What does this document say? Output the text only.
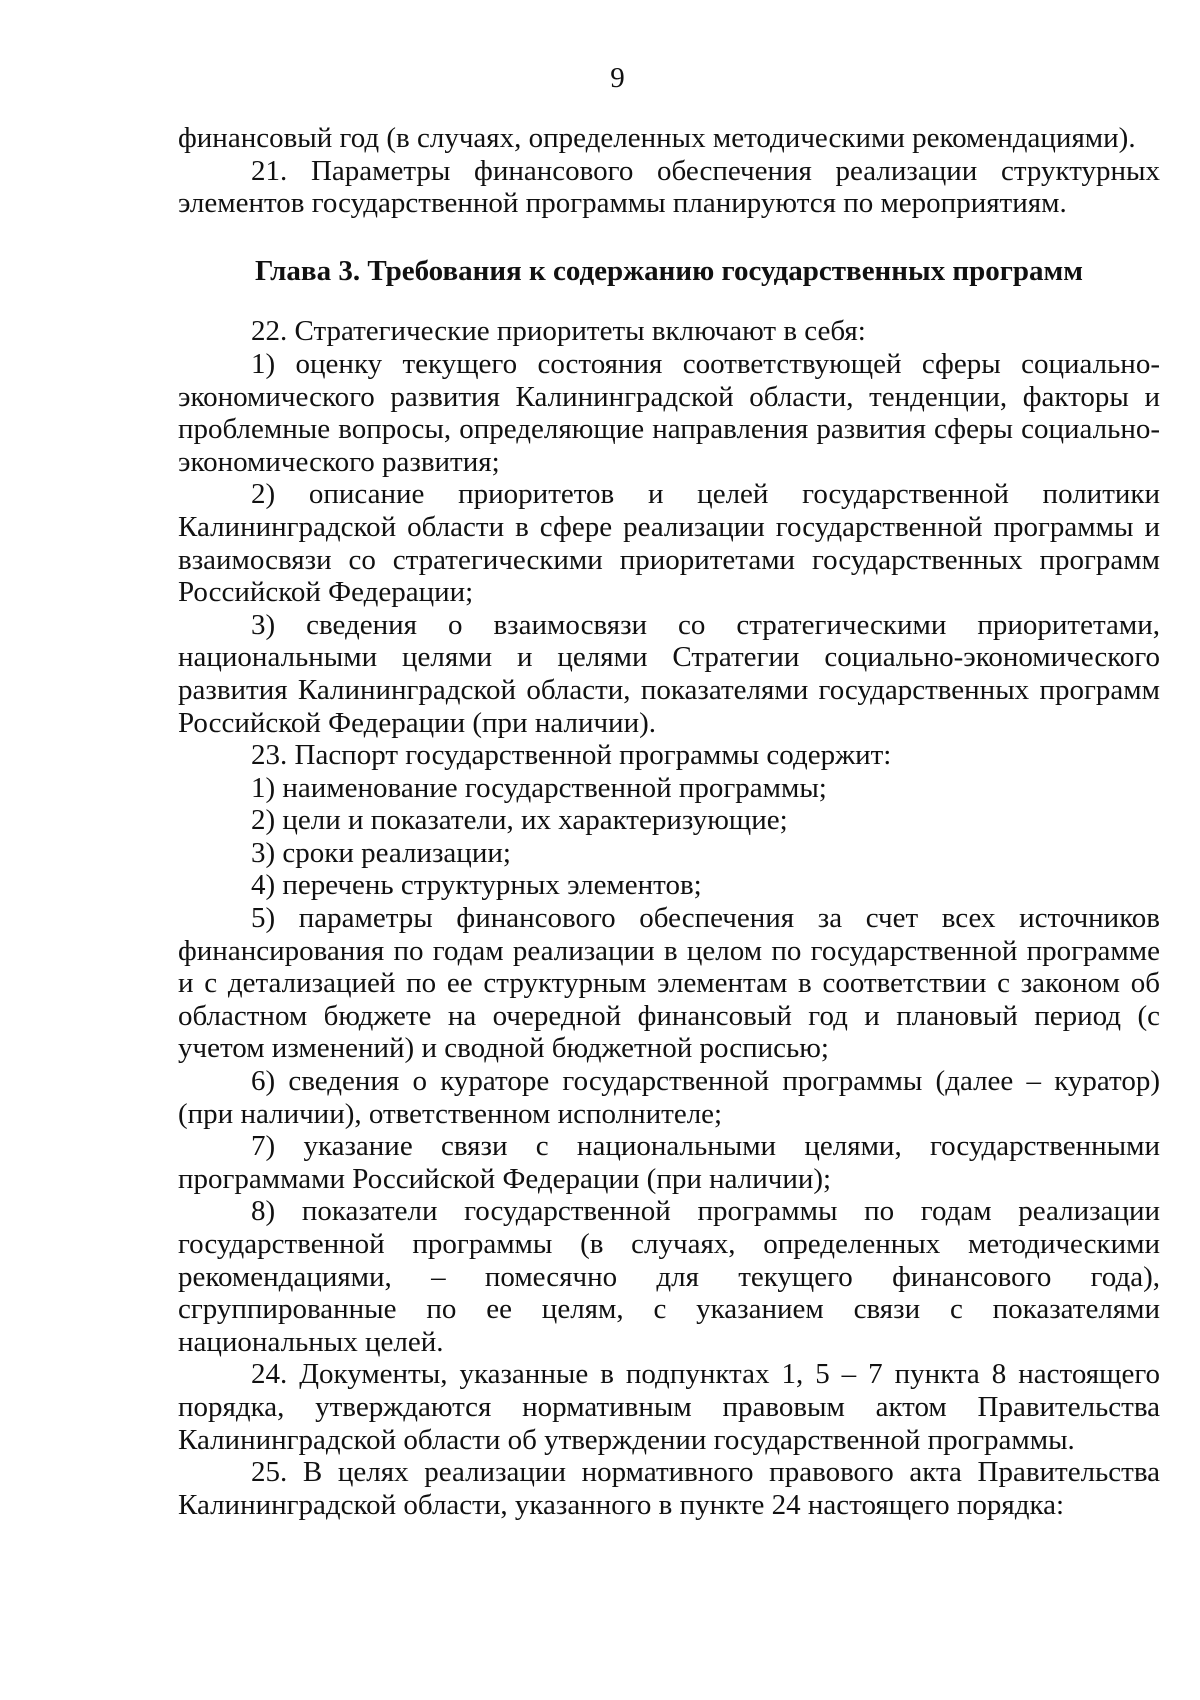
9

финансовый год (в случаях, определенных методическими рекомендациями).

21. Параметры финансового обеспечения реализации структурных элементов государственной программы планируются по мероприятиям.

Глава 3. Требования к содержанию государственных программ

22. Стратегические приоритеты включают в себя:

1) оценку текущего состояния соответствующей сферы социально-экономического развития Калининградской области, тенденции, факторы и проблемные вопросы, определяющие направления развития сферы социально-экономического развития;

2) описание приоритетов и целей государственной политики Калининградской области в сфере реализации государственной программы и взаимосвязи со стратегическими приоритетами государственных программ Российской Федерации;

3) сведения о взаимосвязи со стратегическими приоритетами, национальными целями и целями Стратегии социально-экономического развития Калининградской области, показателями государственных программ Российской Федерации (при наличии).

23. Паспорт государственной программы содержит:

1) наименование государственной программы;

2) цели и показатели, их характеризующие;

3) сроки реализации;

4) перечень структурных элементов;

5) параметры финансового обеспечения за счет всех источников финансирования по годам реализации в целом по государственной программе и с детализацией по ее структурным элементам в соответствии с законом об областном бюджете на очередной финансовый год и плановый период (с учетом изменений) и сводной бюджетной росписью;

6) сведения о кураторе государственной программы (далее – куратор) (при наличии), ответственном исполнителе;

7) указание связи с национальными целями, государственными программами Российской Федерации (при наличии);

8) показатели государственной программы по годам реализации государственной программы (в случаях, определенных методическими рекомендациями, – помесячно для текущего финансового года), сгруппированные по ее целям, с указанием связи с показателями национальных целей.

24. Документы, указанные в подпунктах 1, 5 – 7 пункта 8 настоящего порядка, утверждаются нормативным правовым актом Правительства Калининградской области об утверждении государственной программы.

25. В целях реализации нормативного правового акта Правительства Калининградской области, указанного в пункте 24 настоящего порядка:
